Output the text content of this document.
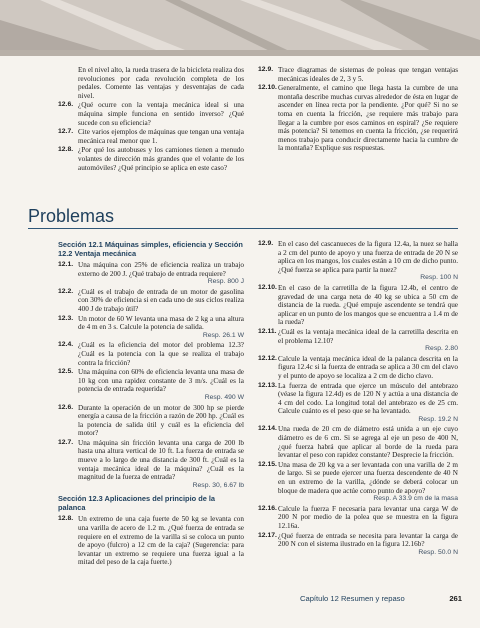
En el nivel alto, la rueda trasera de la bicicleta realiza dos revoluciones por cada revolución completa de los pedales. Comente las ventajas y desventajas de cada nivel.
12.6. ¿Qué ocurre con la ventaja mecánica ideal si una máquina simple funciona en sentido inverso? ¿Qué sucede con su eficiencia?
12.7. Cite varios ejemplos de máquinas que tengan una ventaja mecánica real menor que 1.
12.8. ¿Por qué los autobuses y los camiones tienen a menudo volantes de dirección más grandes que el volante de los automóviles? ¿Qué principio se aplica en este caso?
12.9. Trace diagramas de sistemas de poleas que tengan ventajas mecánicas ideales de 2, 3 y 5.
12.10. Generalmente, el camino que llega hasta la cumbre de una montaña describe muchas curvas alrededor de ésta en lugar de ascender en línea recta por la pendiente. ¿Por qué? Si no se toma en cuenta la fricción, ¿se requiere más trabajo para llegar a la cumbre por esos caminos en espiral? ¿Se requiere más potencia? Si tenemos en cuenta la fricción, ¿se requerirá menos trabajo para conducir directamente hacia la cumbre de la montaña? Explique sus respuestas.
Problemas
Sección 12.1 Máquinas simples, eficiencia y Sección 12.2 Ventaja mecánica
12.1. Una máquina con 25% de eficiencia realiza un trabajo externo de 200 J. ¿Qué trabajo de entrada requiere?
Resp. 800 J
12.2. ¿Cuál es el trabajo de entrada de un motor de gasolina con 30% de eficiencia si en cada uno de sus ciclos realiza 400 J de trabajo útil?
12.3. Un motor de 60 W levanta una masa de 2 kg a una altura de 4 m en 3 s. Calcule la potencia de salida.
Resp. 26.1 W
12.4. ¿Cuál es la eficiencia del motor del problema 12.3? ¿Cuál es la potencia con la que se realiza el trabajo contra la fricción?
12.5. Una máquina con 60% de eficiencia levanta una masa de 10 kg con una rapidez constante de 3 m/s. ¿Cuál es la potencia de entrada requerida?
Resp. 490 W
12.6. Durante la operación de un motor de 300 hp se pierde energía a causa de la fricción a razón de 200 hp. ¿Cuál es la potencia de salida útil y cuál es la eficiencia del motor?
12.7. Una máquina sin fricción levanta una carga de 200 lb hasta una altura vertical de 10 ft. La fuerza de entrada se mueve a lo largo de una distancia de 300 ft. ¿Cuál es la ventaja mecánica ideal de la máquina? ¿Cuál es la magnitud de la fuerza de entrada?
Resp. 30, 6.67 lb
Sección 12.3 Aplicaciones del principio de la palanca
12.8. Un extremo de una caja fuerte de 50 kg se levanta con una varilla de acero de 1.2 m. ¿Qué fuerza de entrada se requiere en el extremo de la varilla si se coloca un punto de apoyo (fulcro) a 12 cm de la caja? (Sugerencia: para levantar un extremo se requiere una fuerza igual a la mitad del peso de la caja fuerte.)
12.9. En el caso del cascanueces de la figura 12.4a, la nuez se halla a 2 cm del punto de apoyo y una fuerza de entrada de 20 N se aplica en los mangos, los cuales están a 10 cm de dicho punto. ¿Qué fuerza se aplica para partir la nuez?
Resp. 100 N
12.10. En el caso de la carretilla de la figura 12.4b, el centro de gravedad de una carga neta de 40 kg se ubica a 50 cm de distancia de la rueda. ¿Qué empuje ascendente se tendrá que aplicar en un punto de los mangos que se encuentra a 1.4 m de la rueda?
12.11. ¿Cuál es la ventaja mecánica ideal de la carretilla descrita en el problema 12.10?
Resp. 2.80
12.12. Calcule la ventaja mecánica ideal de la palanca descrita en la figura 12.4c si la fuerza de entrada se aplica a 30 cm del clavo y el punto de apoyo se localiza a 2 cm de dicho clavo.
12.13. La fuerza de entrada que ejerce un músculo del antebrazo (véase la figura 12.4d) es de 120 N y actúa a una distancia de 4 cm del codo. La longitud total del antebrazo es de 25 cm. Calcule cuánto es el peso que se ha levantado.
Resp. 19.2 N
12.14. Una rueda de 20 cm de diámetro está unida a un eje cuyo diámetro es de 6 cm. Si se agrega al eje un peso de 400 N, ¿qué fuerza habrá que aplicar al borde de la rueda para levantar el peso con rapidez constante? Desprecie la fricción.
12.15. Una masa de 20 kg va a ser levantada con una varilla de 2 m de largo. Si se puede ejercer una fuerza descendente de 40 N en un extremo de la varilla, ¿dónde se deberá colocar un bloque de madera que actúe como punto de apoyo?
Resp. A 33.9 cm de la masa
12.16. Calcule la fuerza F necesaria para levantar una carga W de 200 N por medio de la polea que se muestra en la figura 12.16a.
12.17. ¿Qué fuerza de entrada se necesita para levantar la carga de 200 N con el sistema ilustrado en la figura 12.16b?
Resp. 50.0 N
Capítulo 12 Resumen y repaso	261
